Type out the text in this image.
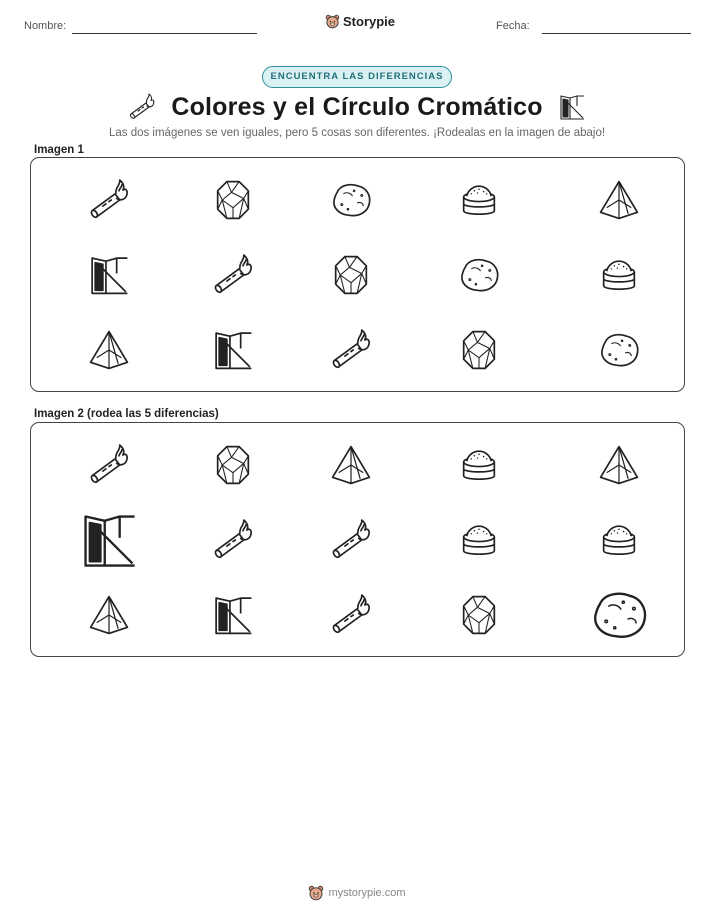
Nombre:	Storypie	Fecha:
ENCUENTRA LAS DIFERENCIAS
Colores y el Círculo Cromático
Las dos imágenes se ven iguales, pero 5 cosas son diferentes. ¡Rodealas en la imagen de abajo!
Imagen 1
Imagen 2 (rodea las 5 diferencias)
mystorypie.com
